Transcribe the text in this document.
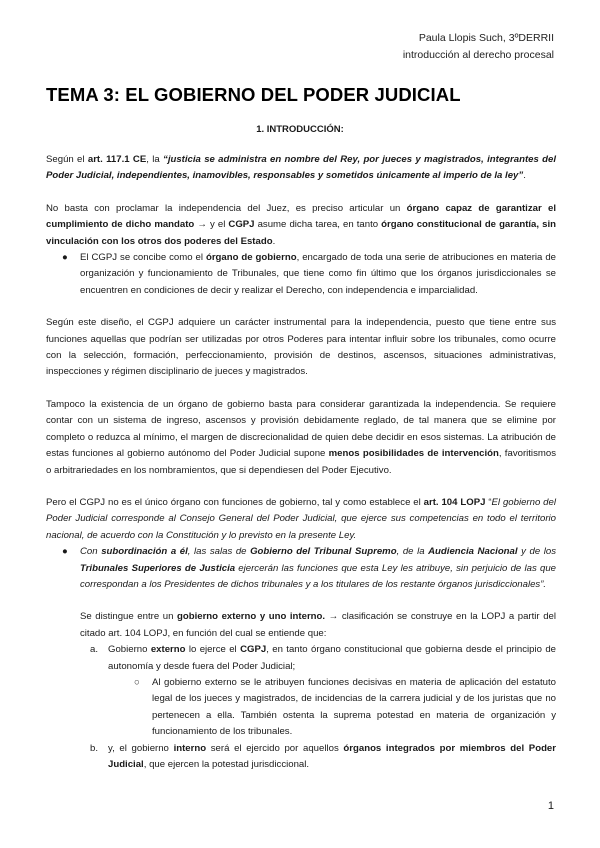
Paula Llopis Such, 3ºDERRII
introducción al derecho procesal
TEMA 3: EL GOBIERNO DEL PODER JUDICIAL
1. INTRODUCCIÓN:

Según el art. 117.1 CE, la “justicia se administra en nombre del Rey, por jueces y magistrados, integrantes del Poder Judicial, independientes, inamovibles, responsables y sometidos únicamente al imperio de la ley”.

No basta con proclamar la independencia del Juez, es preciso articular un órgano capaz de garantizar el cumplimiento de dicho mandato → y el CGPJ asume dicha tarea, en tanto órgano constitucional de garantía, sin vinculación con los otros dos poderes del Estado.

● El CGPJ se concibe como el órgano de gobierno, encargado de toda una serie de atribuciones en materia de organización y funcionamiento de Tribunales, que tiene como fin último que los órganos jurisdiccionales se encuentren en condiciones de decir y realizar el Derecho, con independencia e imparcialidad.

Según este diseño, el CGPJ adquiere un carácter instrumental para la independencia, puesto que tiene entre sus funciones aquellas que podrían ser utilizadas por otros Poderes para intentar influir sobre los tribunales, como ocurre con la selección, formación, perfeccionamiento, provisión de destinos, ascensos, situaciones administrativas, inspecciones y régimen disciplinario de jueces y magistrados.

Tampoco la existencia de un órgano de gobierno basta para considerar garantizada la independencia. Se requiere contar con un sistema de ingreso, ascensos y provisión debidamente reglado, de tal manera que se elimine por completo o reduzca al mínimo, el margen de discrecionalidad de quien debe decidir en esos sistemas. La atribución de estas funciones al gobierno autónomo del Poder Judicial supone menos posibilidades de intervención, favoritismos o arbitrariedades en los nombramientos, que si dependiesen del Poder Ejecutivo.

Pero el CGPJ no es el único órgano con funciones de gobierno, tal y como establece el art. 104 LOPJ “El gobierno del Poder Judicial corresponde al Consejo General del Poder Judicial, que ejerce sus competencias en todo el territorio nacional, de acuerdo con la Constitución y lo previsto en la presente Ley.

● Con subordinación a él, las salas de Gobierno del Tribunal Supremo, de la Audiencia Nacional y de los Tribunales Superiores de Justicia ejercerán las funciones que esta Ley les atribuye, sin perjuicio de las que correspondan a los Presidentes de dichos tribunales y a los titulares de los restante órganos jurisdiccionales”.

Se distingue entre un gobierno externo y uno interno. → clasificación se construye en la LOPJ a partir del citado art. 104 LOPJ, en función del cual se entiende que:

a. Gobierno externo lo ejerce el CGPJ, en tanto órgano constitucional que gobierna desde el principio de autonomía y desde fuera del Poder Judicial;
○ Al gobierno externo se le atribuyen funciones decisivas en materia de aplicación del estatuto legal de los jueces y magistrados, de incidencias de la carrera judicial y de los juristas que no pertenecen a ella. También ostenta la suprema potestad en materia de organización y funcionamiento de los tribunales.
b. y, el gobierno interno será el ejercido por aquellos órganos integrados por miembros del Poder Judicial, que ejercen la potestad jurisdiccional.
1
